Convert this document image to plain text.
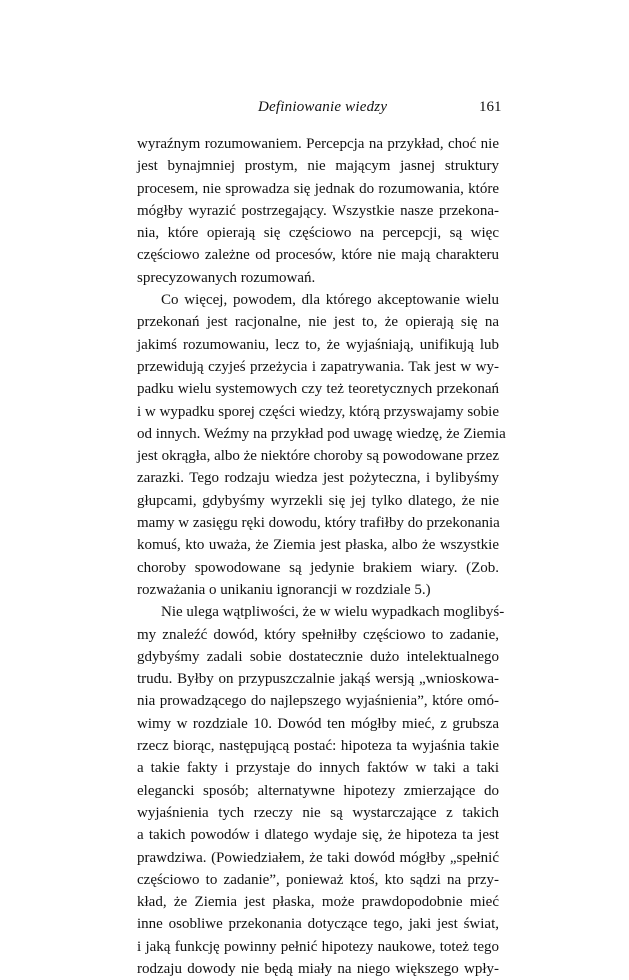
Definiowanie wiedzy	161
wyraźnym rozumowaniem. Percepcja na przykład, choć nie
jest bynajmniej prostym, nie mającym jasnej struktury
procesem, nie sprowadza się jednak do rozumowania, które
mógłby wyrazić postrzegający. Wszystkie nasze przekona-
nia, które opierają się częściowo na percepcji, są więc
częściowo zależne od procesów, które nie mają charakteru
sprecyzowanych rozumowań.
Co więcej, powodem, dla którego akceptowanie wielu
przekonań jest racjonalne, nie jest to, że opierają się na
jakimś rozumowaniu, lecz to, że wyjaśniają, unifikują lub
przewidują czyjeś przeżycia i zapatrywania. Tak jest w wy-
padku wielu systemowych czy też teoretycznych przekonań
i w wypadku sporej części wiedzy, którą przyswajamy sobie
od innych. Weźmy na przykład pod uwagę wiedzę, że Ziemia
jest okrągła, albo że niektóre choroby są powodowane przez
zarazki. Tego rodzaju wiedza jest pożyteczna, i bylibyśmy
głupcami, gdybyśmy wyrzekli się jej tylko dlatego, że nie
mamy w zasięgu ręki dowodu, który trafiłby do przekonania
komuś, kto uważa, że Ziemia jest płaska, albo że wszystkie
choroby spowodowane są jedynie brakiem wiary. (Zob.
rozważania o unikaniu ignorancji w rozdziale 5.)
Nie ulega wątpliwości, że w wielu wypadkach moglibyś-
my znaleźć dowód, który spełniłby częściowo to zadanie,
gdybyśmy zadali sobie dostatecznie dużo intelektualnego
trudu. Byłby on przypuszczalnie jakąś wersją „wnioskowa-
nia prowadzącego do najlepszego wyjaśnienia”, które omó-
wimy w rozdziale 10. Dowód ten mógłby mieć, z grubsza
rzecz biorąc, następującą postać: hipoteza ta wyjaśnia takie
a takie fakty i przystaje do innych faktów w taki a taki
elegancki sposób; alternatywne hipotezy zmierzające do
wyjaśnienia tych rzeczy nie są wystarczające z takich
a takich powodów i dlatego wydaje się, że hipoteza ta jest
prawdziwa. (Powiedziałem, że taki dowód mógłby „spełnić
częściowo to zadanie”, ponieważ ktoś, kto sądzi na przy-
kład, że Ziemia jest płaska, może prawdopodobnie mieć
inne osobliwe przekonania dotyczące tego, jaki jest świat,
i jaką funkcję powinny pełnić hipotezy naukowe, toteż tego
rodzaju dowody nie będą miały na niego większego wpły-
